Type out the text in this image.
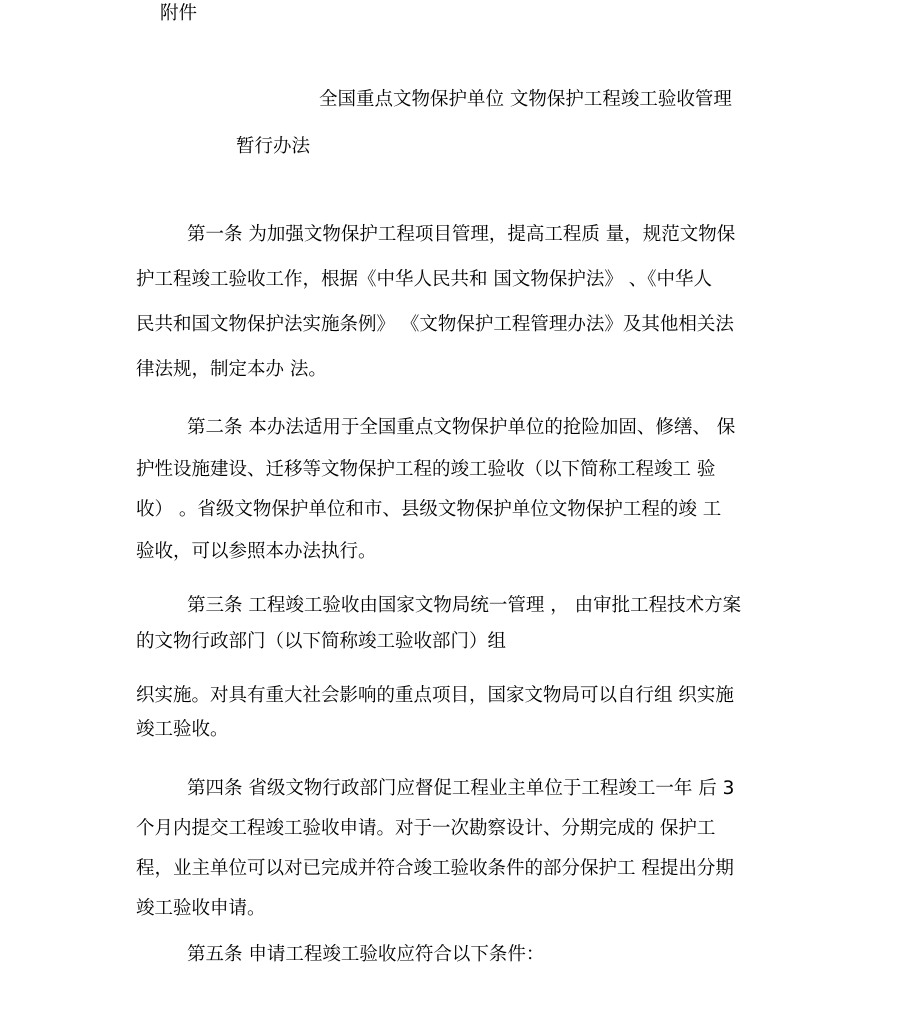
附件
全国重点文物保护单位 文物保护工程竣工验收管理
暂行办法
第一条 为加强文物保护工程项目管理，提高工程质 量，规范文物保
护工程竣工验收工作，根据《中华人民共和 国文物保护法》 、《中华人
民共和国文物保护法实施条例》 《文物保护工程管理办法》及其他相关法
律法规，制定本办 法。
第二条 本办法适用于全国重点文物保护单位的抢险加固、修缮、 保
护性设施建设、迁移等文物保护工程的竣工验收（以下简称工程竣工 验
收） 。省级文物保护单位和市、县级文物保护单位文物保护工程的竣 工
验收，可以参照本办法执行。
第三条 工程竣工验收由国家文物局统一管理 ， 由审批工程技术方案
的文物行政部门（以下简称竣工验收部门）组
织实施。对具有重大社会影响的重点项目，国家文物局可以自行组 织实施
竣工验收。
第四条 省级文物行政部门应督促工程业主单位于工程竣工一年 后 3
个月内提交工程竣工验收申请。对于一次勘察设计、分期完成的 保护工
程，业主单位可以对已完成并符合竣工验收条件的部分保护工 程提出分期
竣工验收申请。
第五条 申请工程竣工验收应符合以下条件：
